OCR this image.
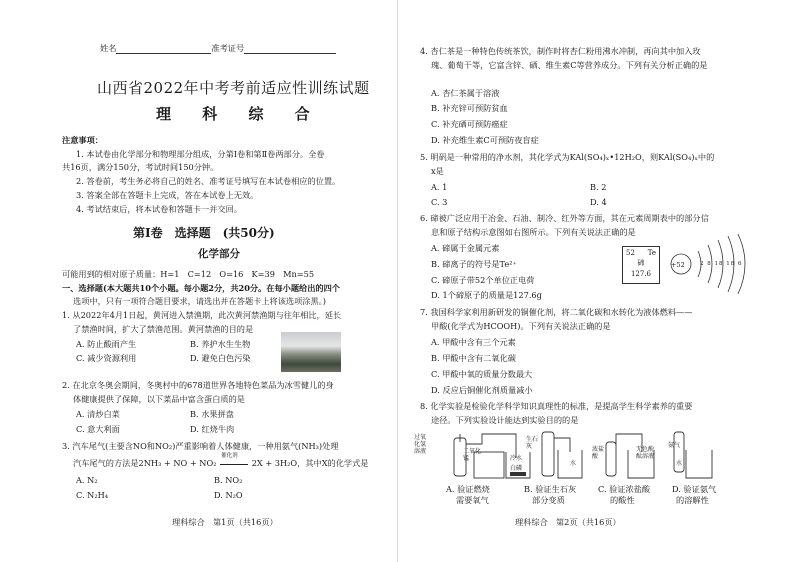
姓名	准考证号
山西省2022年中考考前适应性训练试题
理 科 综 合
注意事项：
1. 本试卷由化学部分和物理部分组成，分第Ⅰ卷和第Ⅱ卷两部分。全卷
共16页，满分150分，考试时间150分钟。
2. 答卷前，考生务必将自己的姓名、准考证号填写在本试卷相应的位置。
3. 答案全部在答题卡上完成，答在本试卷上无效。
4. 考试结束后，将本试卷和答题卡一并交回。
第Ⅰ卷　选择题　(共50分)
化学部分
可能用到的相对原子质量：H=1　C=12　O=16　K=39　Mn=55
一、选择题(本大题共10个小题。每小题2分，共20分。在每小题给出的四个
选项中，只有一项符合题目要求，请选出并在答题卡上将该选项涂黑。)
1. 从2022年4月1日起，黄河进入禁渔期，此次黄河禁渔期与往年相比，延长
了禁渔时间，扩大了禁渔范围。黄河禁渔的目的是
A. 防止酸雨产生	B. 养护水生生物
C. 减少资源利用	D. 避免白色污染
2. 在北京冬奥会期间，冬奥村中的678道世界各地特色菜品为冰雪健儿的身
体健康提供了保障，以下菜品中富含蛋白质的是
A. 清炒白菜	B. 水果拼盘
C. 意大利面	D. 红烧牛肉
3. 汽车尾气(主要含NO和NO₂)严重影响着人体健康，一种用氨气(NH₃)处理
汽车尾气的方法是2NH₃ + NO + NO₂
催化剂
2X + 3H₂O，其中X的化学式是
A. N₂	B. NO₂
C. N₂H₄	D. N₂O
理科综合　第1页（共16页）
4. 杏仁茶是一种特色传统茶饮，制作时将杏仁粉用沸水冲制，再向其中加入玫
瑰、葡萄干等，它富含锌、硒、维生素C等营养成分。下列有关分析正确的是
A. 杏仁茶属于溶液
B. 补充锌可预防贫血
C. 补充硒可预防癌症
D. 补充维生素C可预防夜盲症
5. 明矾是一种常用的净水剂，其化学式为KAl(SO₄)ₓ•12H₂O，则KAl(SO₄)ₓ中的
x是
A. 1	B. 2
C. 3	D. 4
6. 碲被广泛应用于冶金、石油、制冷、红外等方面，其在元素周期表中的部分信
息和原子结构示意图如右图所示。下列有关说法正确的是
A. 碲属于金属元素
B. 碲离子的符号是Te²⁺
C. 碲原子带52个单位正电荷
D. 1个碲原子的质量是127.6g
52 Te
碲
127.6
+52	2 8 18 18 6
7. 我国科学家利用新研发的铜催化剂，将二氧化碳和水转化为液体燃料——
甲酸(化学式为HCOOH)。下列有关说法正确的是
A. 甲酸中含有三个元素
B. 甲酸中含有二氧化碳
C. 甲酸中氧的质量分数最大
D. 反应后铜催化剂质量减小
8. 化学实验是检验化学科学知识真理性的标准，是提高学生科学素养的重要
途径。下列实验设计能达到实验目的的是
过氧化氢溶液	二氧化锰	冷水
白磷
生石灰
水
浓盐酸
无色酚酞溶液
氨气
水
A. 验证燃烧
需要氧气
B. 验证生石灰
部分变质
C. 验证浓盐酸
的酸性
D. 验证氨气
的溶解性
理科综合　第2页（共16页）
